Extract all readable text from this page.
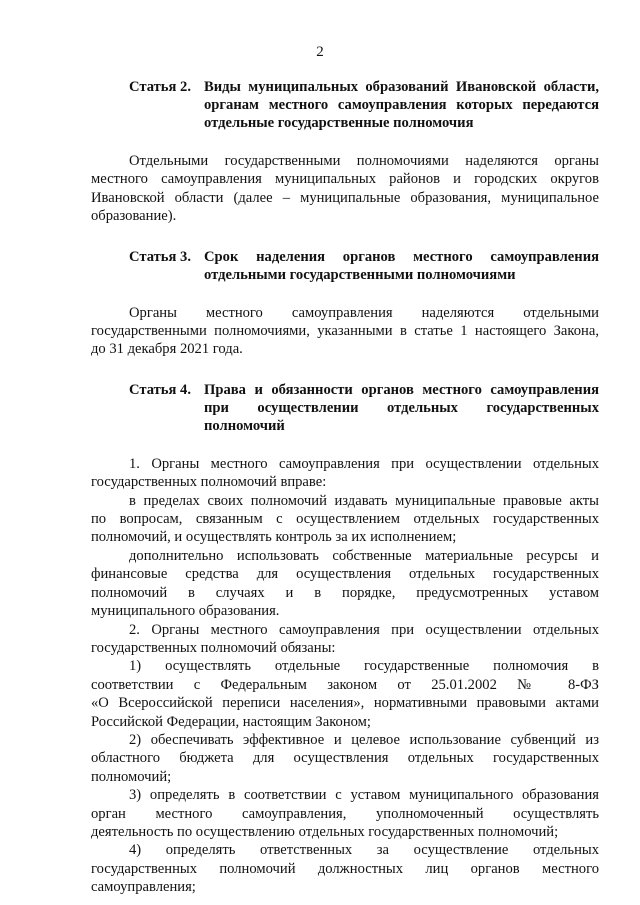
2
Статья 2. Виды муниципальных образований Ивановской области,
органам местного самоуправления которых передаются
отдельные государственные полномочия

Отдельными государственными полномочиями наделяются органы
местного самоуправления муниципальных районов и городских округов
Ивановской области (далее – муниципальные образования, муниципальное
образование).

Статья 3. Срок наделения органов местного самоуправления
отдельными государственными полномочиями

Органы местного самоуправления наделяются отдельными
государственными полномочиями, указанными в статье 1 настоящего Закона,
до 31 декабря 2021 года.

Статья 4. Права и обязанности органов местного самоуправления
при осуществлении отдельных государственных
полномочий

1. Органы местного самоуправления при осуществлении отдельных
государственных полномочий вправе:

в пределах своих полномочий издавать муниципальные правовые акты
по вопросам, связанным с осуществлением отдельных государственных
полномочий, и осуществлять контроль за их исполнением;

дополнительно использовать собственные материальные ресурсы и
финансовые средства для осуществления отдельных государственных
полномочий в случаях и в порядке, предусмотренных уставом
муниципального образования.

2. Органы местного самоуправления при осуществлении отдельных
государственных полномочий обязаны:

1) осуществлять отдельные государственные полномочия в
соответствии с Федеральным законом от 25.01.2002 № 8-ФЗ
«О Всероссийской переписи населения», нормативными правовыми актами
Российской Федерации, настоящим Законом;

2) обеспечивать эффективное и целевое использование субвенций из
областного бюджета для осуществления отдельных государственных
полномочий;

3) определять в соответствии с уставом муниципального образования
орган местного самоуправления, уполномоченный осуществлять
деятельность по осуществлению отдельных государственных полномочий;

4) определять ответственных за осуществление отдельных
государственных полномочий должностных лиц органов местного
самоуправления;
